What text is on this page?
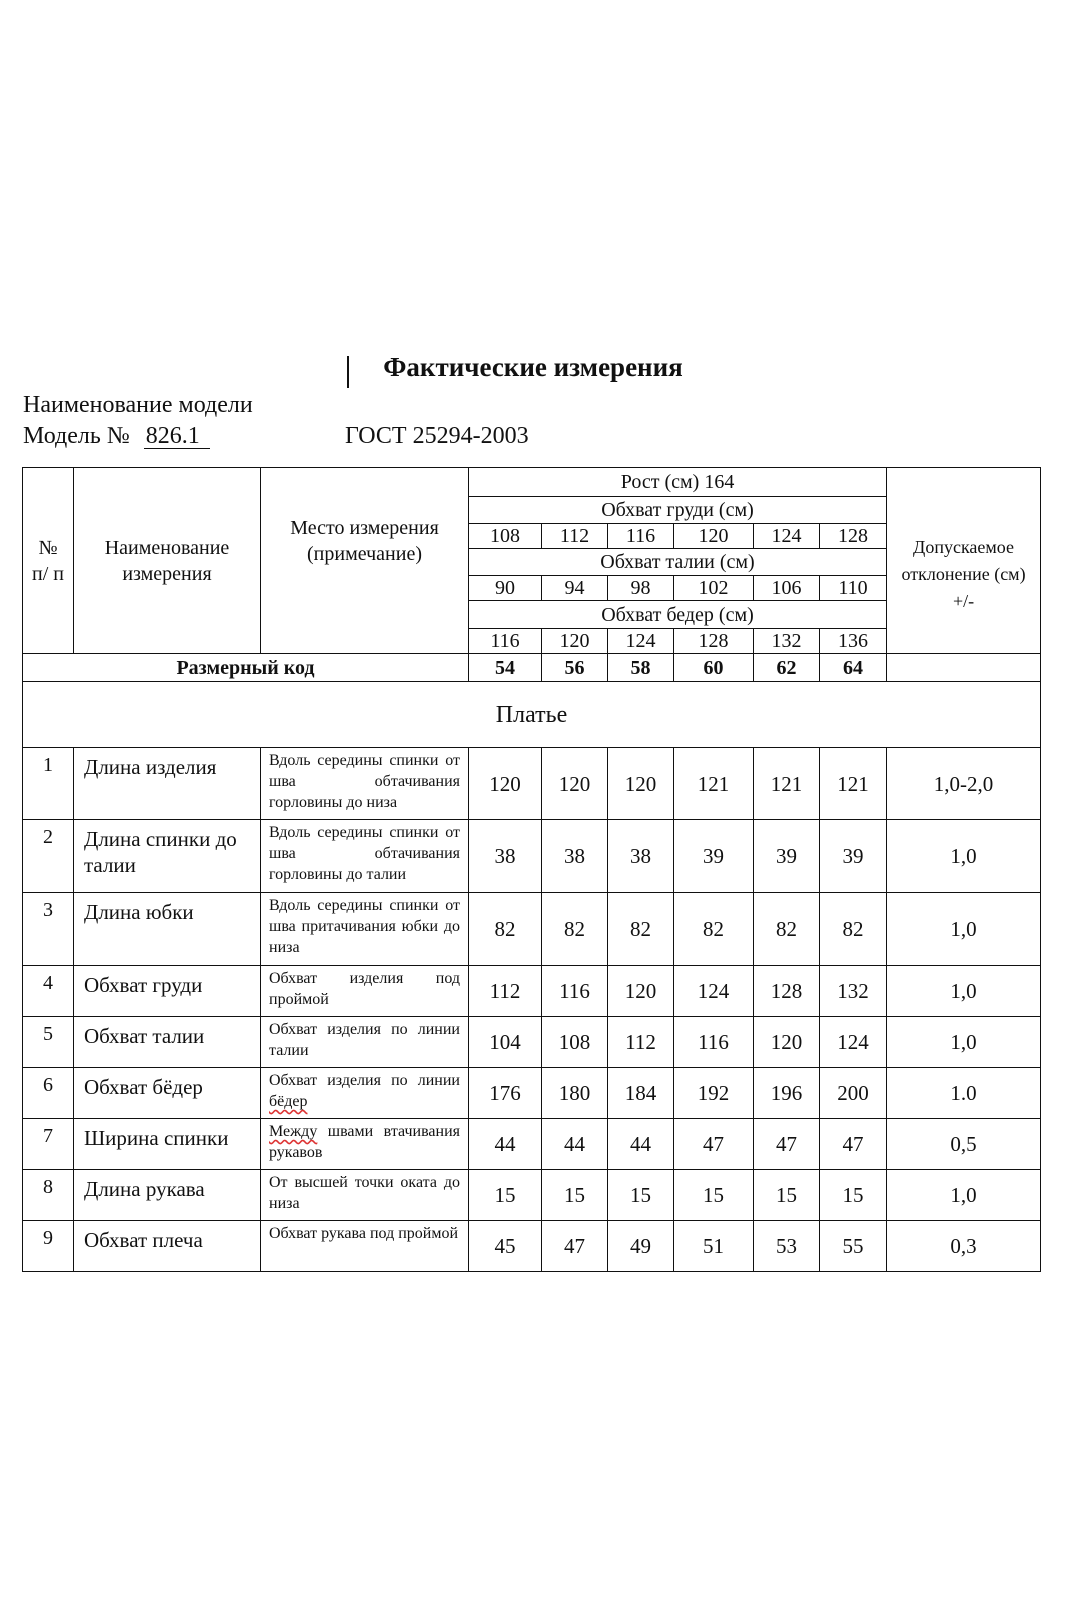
Фактические измерения
Наименование модели
Модель № 826.1	ГОСТ 25294-2003
№ п/ п	Наименование измерения	Место измерения (примечание)	Рост (см) 164						
			Обхват груди (см)						Допускаемое отклонение (см) +/-
			108	112	116	120	124	128	
			Обхват талии (см)						
			90	94	98	102	106	110	
			Обхват бедер (см)						
			116	120	124	128	132	136	
Размерный код			54	56	58	60	62	64	
Платье									
1	Длина изделия	Вдоль середины спинки от шва обтачивания горловины до низа	120	120	120	121	121	121	1,0-2,0
2	Длина спинки до талии	Вдоль середины спинки от шва обтачивания горловины до талии	38	38	38	39	39	39	1,0
3	Длина юбки	Вдоль середины спинки от шва притачивания юбки до низа	82	82	82	82	82	82	1,0
4	Обхват груди	Обхват изделия под проймой	112	116	120	124	128	132	1,0
5	Обхват талии	Обхват изделия по линии талии	104	108	112	116	120	124	1,0
6	Обхват бёдер	Обхват изделия по линии бёдер	176	180	184	192	196	200	1.0
7	Ширина спинки	Между швами втачивания рукавов	44	44	44	47	47	47	0,5
8	Длина рукава	От высшей точки оката до низа	15	15	15	15	15	15	1,0
9	Обхват плеча	Обхват рукава под проймой	45	47	49	51	53	55	0,3
